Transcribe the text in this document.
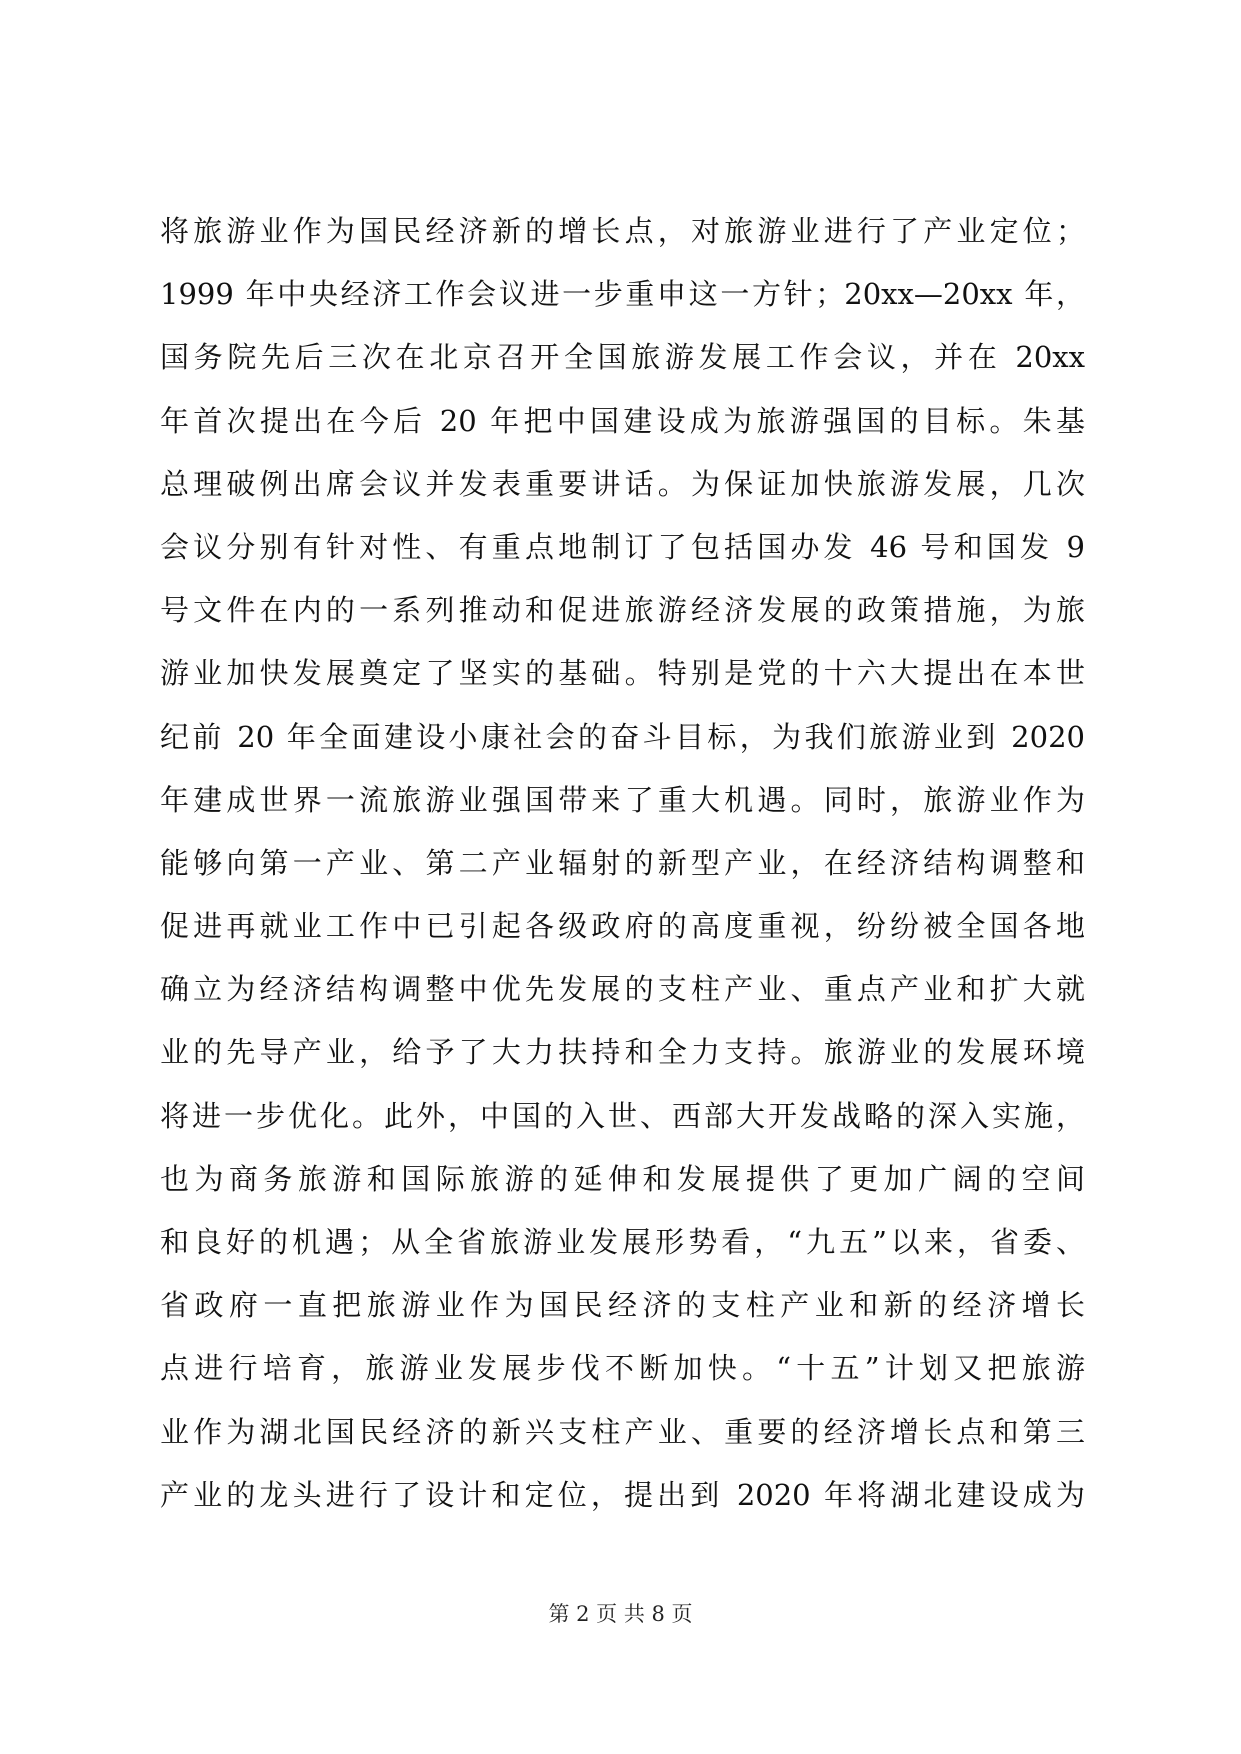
将旅游业作为国民经济新的增长点，对旅游业进行了产业定位；
1999 年中央经济工作会议进一步重申这一方针；20xx—20xx 年，
国务院先后三次在北京召开全国旅游发展工作会议，并在 20xx
年首次提出在今后 20 年把中国建设成为旅游强国的目标。朱基
总理破例出席会议并发表重要讲话。为保证加快旅游发展，几次
会议分别有针对性、有重点地制订了包括国办发 46 号和国发 9
号文件在内的一系列推动和促进旅游经济发展的政策措施，为旅
游业加快发展奠定了坚实的基础。特别是党的十六大提出在本世
纪前 20 年全面建设小康社会的奋斗目标，为我们旅游业到 2020
年建成世界一流旅游业强国带来了重大机遇。同时，旅游业作为
能够向第一产业、第二产业辐射的新型产业，在经济结构调整和
促进再就业工作中已引起各级政府的高度重视，纷纷被全国各地
确立为经济结构调整中优先发展的支柱产业、重点产业和扩大就
业的先导产业，给予了大力扶持和全力支持。旅游业的发展环境
将进一步优化。此外，中国的入世、西部大开发战略的深入实施，
也为商务旅游和国际旅游的延伸和发展提供了更加广阔的空间
和良好的机遇；从全省旅游业发展形势看，“九五”以来，省委、
省政府一直把旅游业作为国民经济的支柱产业和新的经济增长
点进行培育，旅游业发展步伐不断加快。“十五”计划又把旅游
业作为湖北国民经济的新兴支柱产业、重要的经济增长点和第三
产业的龙头进行了设计和定位，提出到 2020 年将湖北建设成为
第 2 页 共 8 页
